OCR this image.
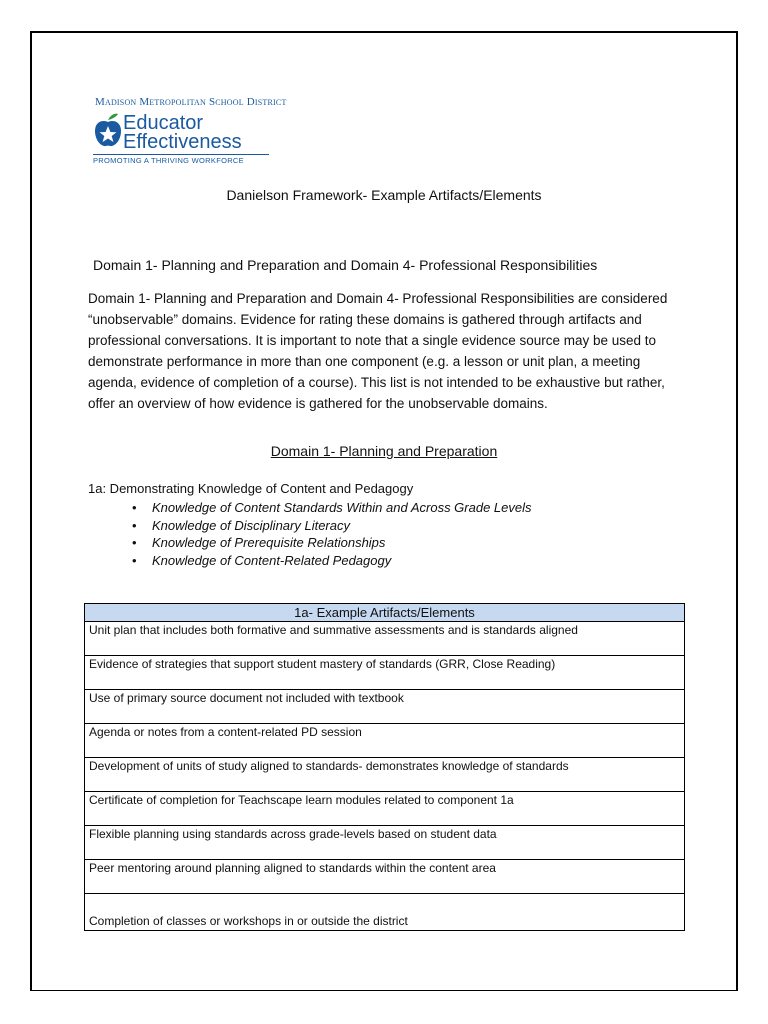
Madison Metropolitan School District
Educator
Effectiveness
PROMOTING A THRIVING WORKFORCE
Danielson Framework- Example Artifacts/Elements
Domain 1- Planning and Preparation and Domain 4- Professional Responsibilities
Domain 1- Planning and Preparation and Domain 4- Professional Responsibilities are considered “unobservable” domains. Evidence for rating these domains is gathered through artifacts and professional conversations. It is important to note that a single evidence source may be used to demonstrate performance in more than one component (e.g. a lesson or unit plan, a meeting agenda, evidence of completion of a course). This list is not intended to be exhaustive but rather, offer an overview of how evidence is gathered for the unobservable domains.
Domain 1- Planning and Preparation
1a: Demonstrating Knowledge of Content and Pedagogy
• Knowledge of Content Standards Within and Across Grade Levels
• Knowledge of Disciplinary Literacy
• Knowledge of Prerequisite Relationships
• Knowledge of Content-Related Pedagogy
1a- Example Artifacts/Elements
Unit plan that includes both formative and summative assessments and is standards aligned
Evidence of strategies that support student mastery of standards (GRR, Close Reading)
Use of primary source document not included with textbook
Agenda or notes from a content-related PD session
Development of units of study aligned to standards- demonstrates knowledge of standards
Certificate of completion for Teachscape learn modules related to component 1a
Flexible planning using standards across grade-levels based on student data
Peer mentoring around planning aligned to standards within the content area
Completion of classes or workshops in or outside the district
